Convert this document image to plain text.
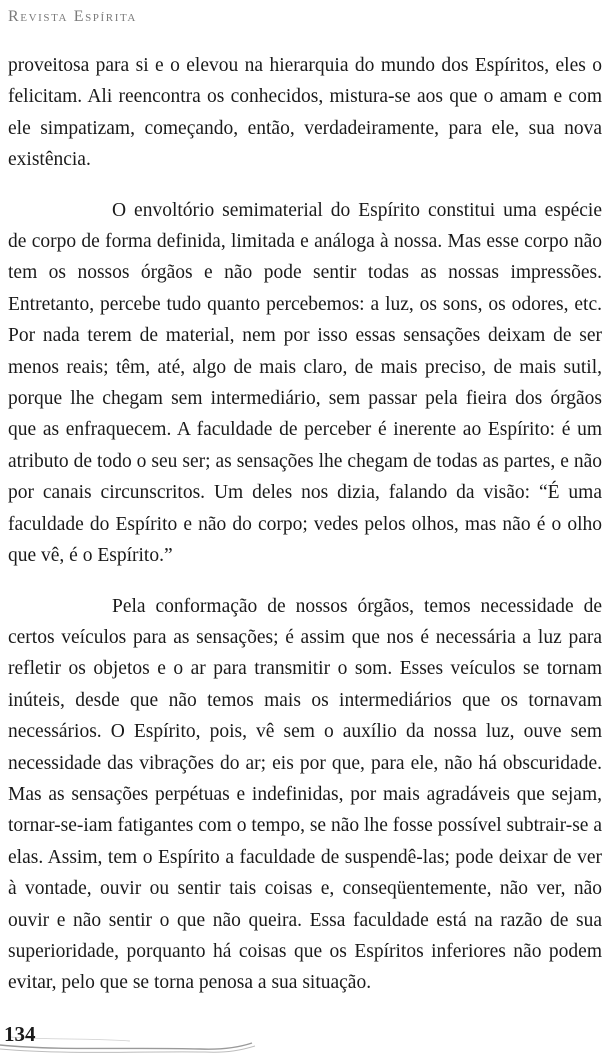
Revista Espírita

proveitosa para si e o elevou na hierarquia do mundo dos Espíritos, eles o felicitam. Ali reencontra os conhecidos, mistura-se aos que o amam e com ele simpatizam, começando, então, verdadeiramente, para ele, sua nova existência.

O envoltório semimaterial do Espírito constitui uma espécie de corpo de forma definida, limitada e análoga à nossa. Mas esse corpo não tem os nossos órgãos e não pode sentir todas as nossas impressões. Entretanto, percebe tudo quanto percebemos: a luz, os sons, os odores, etc. Por nada terem de material, nem por isso essas sensações deixam de ser menos reais; têm, até, algo de mais claro, de mais preciso, de mais sutil, porque lhe chegam sem intermediário, sem passar pela fieira dos órgãos que as enfraquecem. A faculdade de perceber é inerente ao Espírito: é um atributo de todo o seu ser; as sensações lhe chegam de todas as partes, e não por canais circunscritos. Um deles nos dizia, falando da visão: “É uma faculdade do Espírito e não do corpo; vedes pelos olhos, mas não é o olho que vê, é o Espírito.”

Pela conformação de nossos órgãos, temos necessidade de certos veículos para as sensações; é assim que nos é necessária a luz para refletir os objetos e o ar para transmitir o som. Esses veículos se tornam inúteis, desde que não temos mais os intermediários que os tornavam necessários. O Espírito, pois, vê sem o auxílio da nossa luz, ouve sem necessidade das vibrações do ar; eis por que, para ele, não há obscuridade. Mas as sensações perpétuas e indefinidas, por mais agradáveis que sejam, tornar-se-iam fatigantes com o tempo, se não lhe fosse possível subtrair-se a elas. Assim, tem o Espírito a faculdade de suspendê-las; pode deixar de ver à vontade, ouvir ou sentir tais coisas e, conseqüentemente, não ver, não ouvir e não sentir o que não queira. Essa faculdade está na razão de sua superioridade, porquanto há coisas que os Espíritos inferiores não podem evitar, pelo que se torna penosa a sua situação.

134
